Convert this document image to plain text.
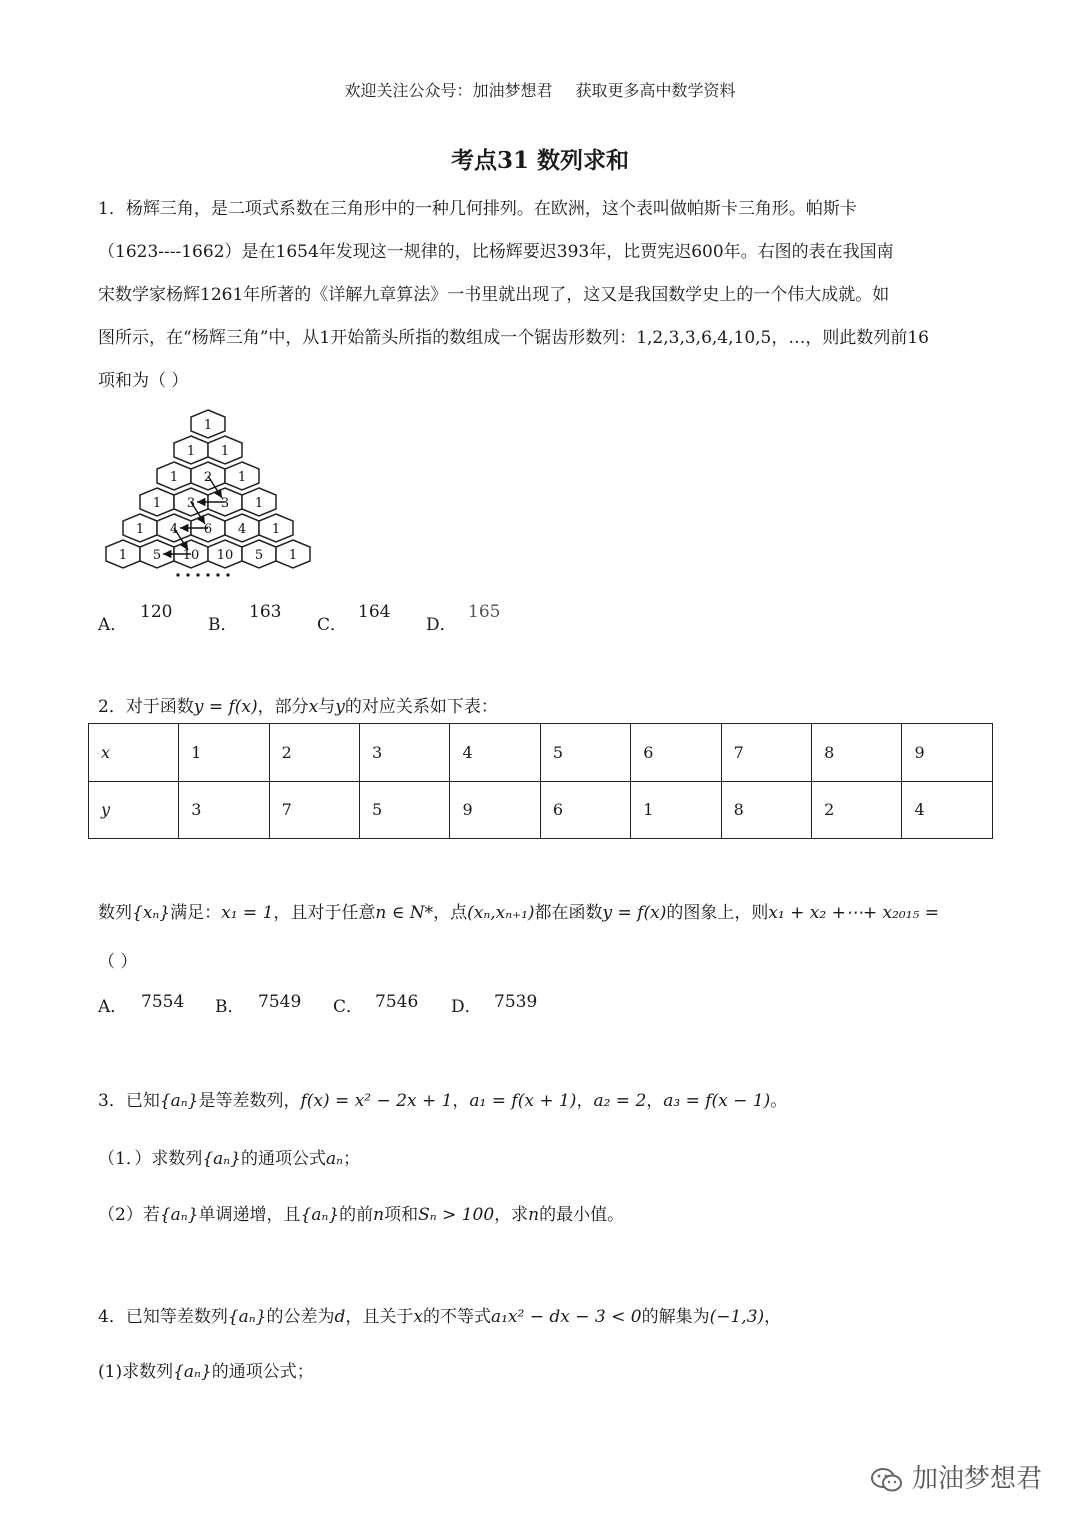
欢迎关注公众号：加油梦想君 获取更多高中数学资料
考点31 数列求和
1．杨辉三角，是二项式系数在三角形中的一种几何排列。在欧洲，这个表叫做帕斯卡三角形。帕斯卡
（1623----1662）是在1654年发现这一规律的，比杨辉要迟393年，比贾宪迟600年。右图的表在我国南
宋数学家杨辉1261年所著的《详解九章算法》一书里就出现了，这又是我国数学史上的一个伟大成就。如
图所示，在“杨辉三角”中，从1开始箭头所指的数组成一个锯齿形数列：1,2,3,3,6,4,10,5，…，则此数列前16
项和为（ ）
1
1 1
1 2 1
1 3 3 1
1 4 6 4 1
1 5 10 10 5 1
A．
120
B．
163
C．
164
D．
165
2．对于函数y = f(x)，部分x与y的对应关系如下表：
x	1	2	3	4	5	6	7	8	9
y	3	7	5	9	6	1	8	2	4
数列{xₙ}满足：x₁ = 1，且对于任意n ∈ N*，点(xₙ,xₙ₊₁)都在函数y = f(x)的图象上，则x₁ + x₂ +⋯+ x₂₀₁₅ =
（ ）
A． 7554 B． 7549 C． 7546 D． 7539
3．已知{aₙ}是等差数列，f(x) = x² − 2x + 1，a₁ = f(x + 1)，a₂ = 2，a₃ = f(x − 1)。
（1．）求数列{aₙ}的通项公式aₙ；
（2）若{aₙ}单调递增，且{aₙ}的前n项和Sₙ > 100，求n的最小值。
4．已知等差数列{aₙ}的公差为d，且关于x的不等式a₁x² − dx − 3 < 0的解集为(−1,3)，
(1)求数列{aₙ}的通项公式；
加油梦想君
